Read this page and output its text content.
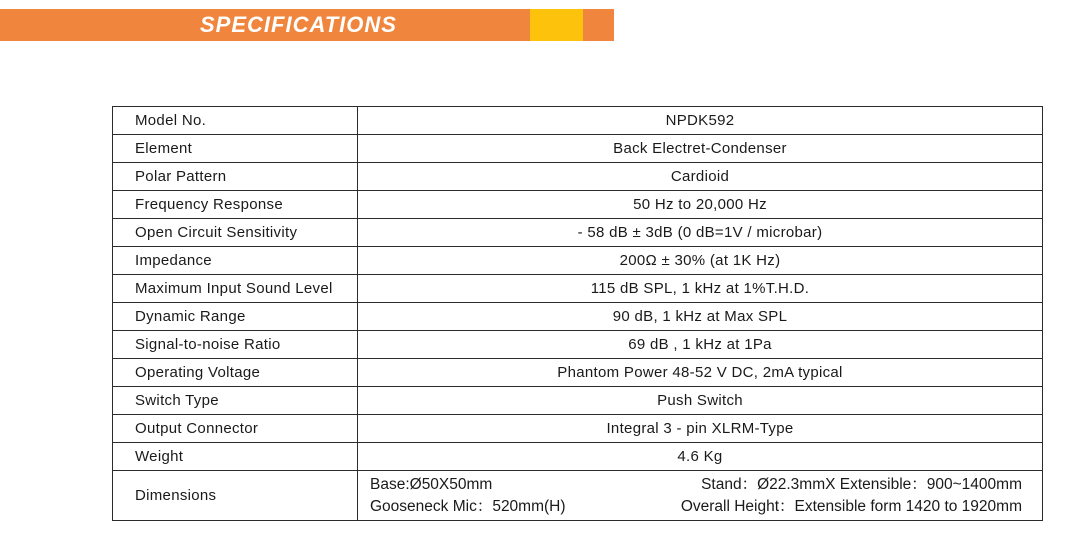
SPECIFICATIONS
Model No.	NPDK592
Element	Back Electret-Condenser
Polar Pattern	Cardioid
Frequency Response	50 Hz to 20,000 Hz
Open Circuit Sensitivity	- 58 dB ± 3dB (0 dB=1V / microbar)
Impedance	200Ω ± 30% (at 1K Hz)
Maximum Input Sound Level	115 dB SPL, 1 kHz at 1%T.H.D.
Dynamic Range	90 dB, 1 kHz at Max SPL
Signal-to-noise Ratio	69 dB , 1 kHz at 1Pa
Operating Voltage	Phantom Power 48-52 V DC, 2mA typical
Switch Type	Push Switch
Output Connector	Integral 3 - pin XLRM-Type
Weight	4.6 Kg
Dimensions	Base:Ø50X50mm Stand：Ø22.3mmX Extensible：900~1400mm
Gooseneck Mic：520mm(H) Overall Height：Extensible form 1420 to 1920mm
